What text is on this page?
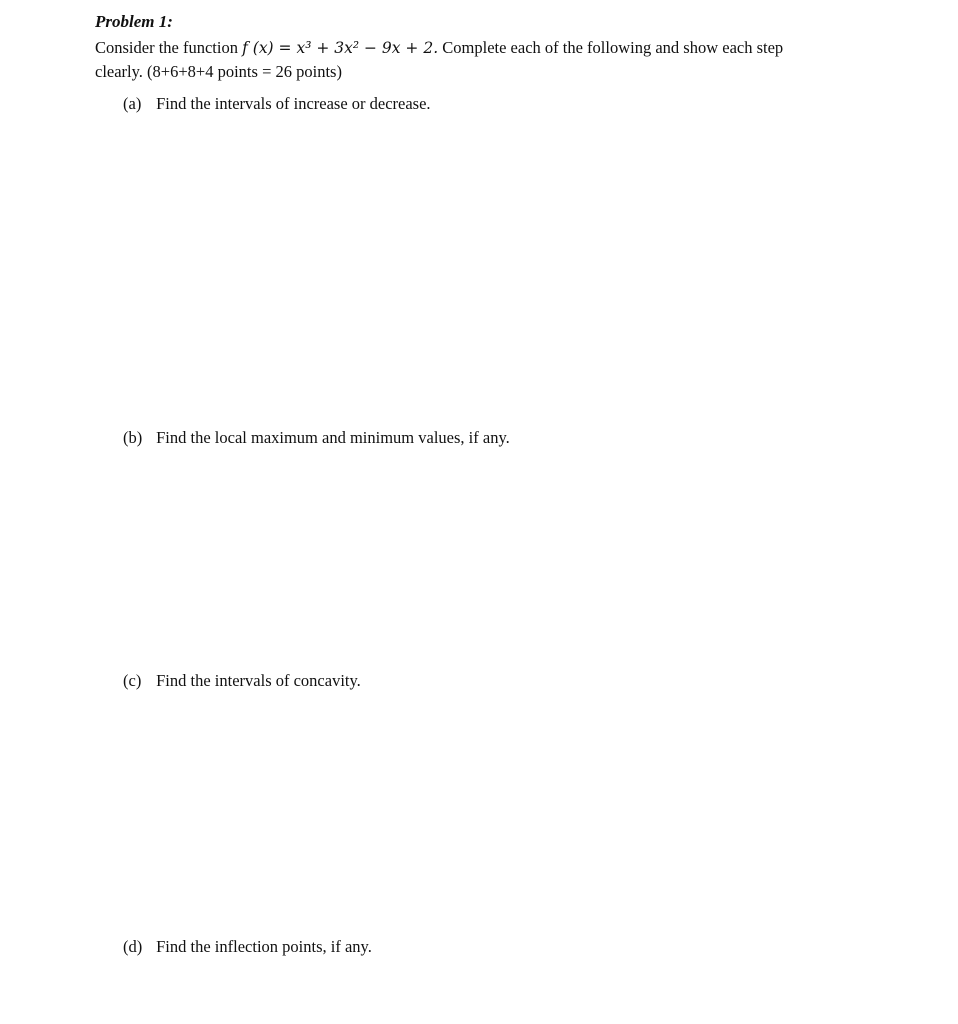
Problem 1:

Consider the function f (x) = x³ + 3x² − 9x + 2. Complete each of the following and show each step
clearly. (8+6+8+4 points = 26 points)

(a) Find the intervals of increase or decrease.

(b) Find the local maximum and minimum values, if any.

(c) Find the intervals of concavity.

(d) Find the inflection points, if any.
